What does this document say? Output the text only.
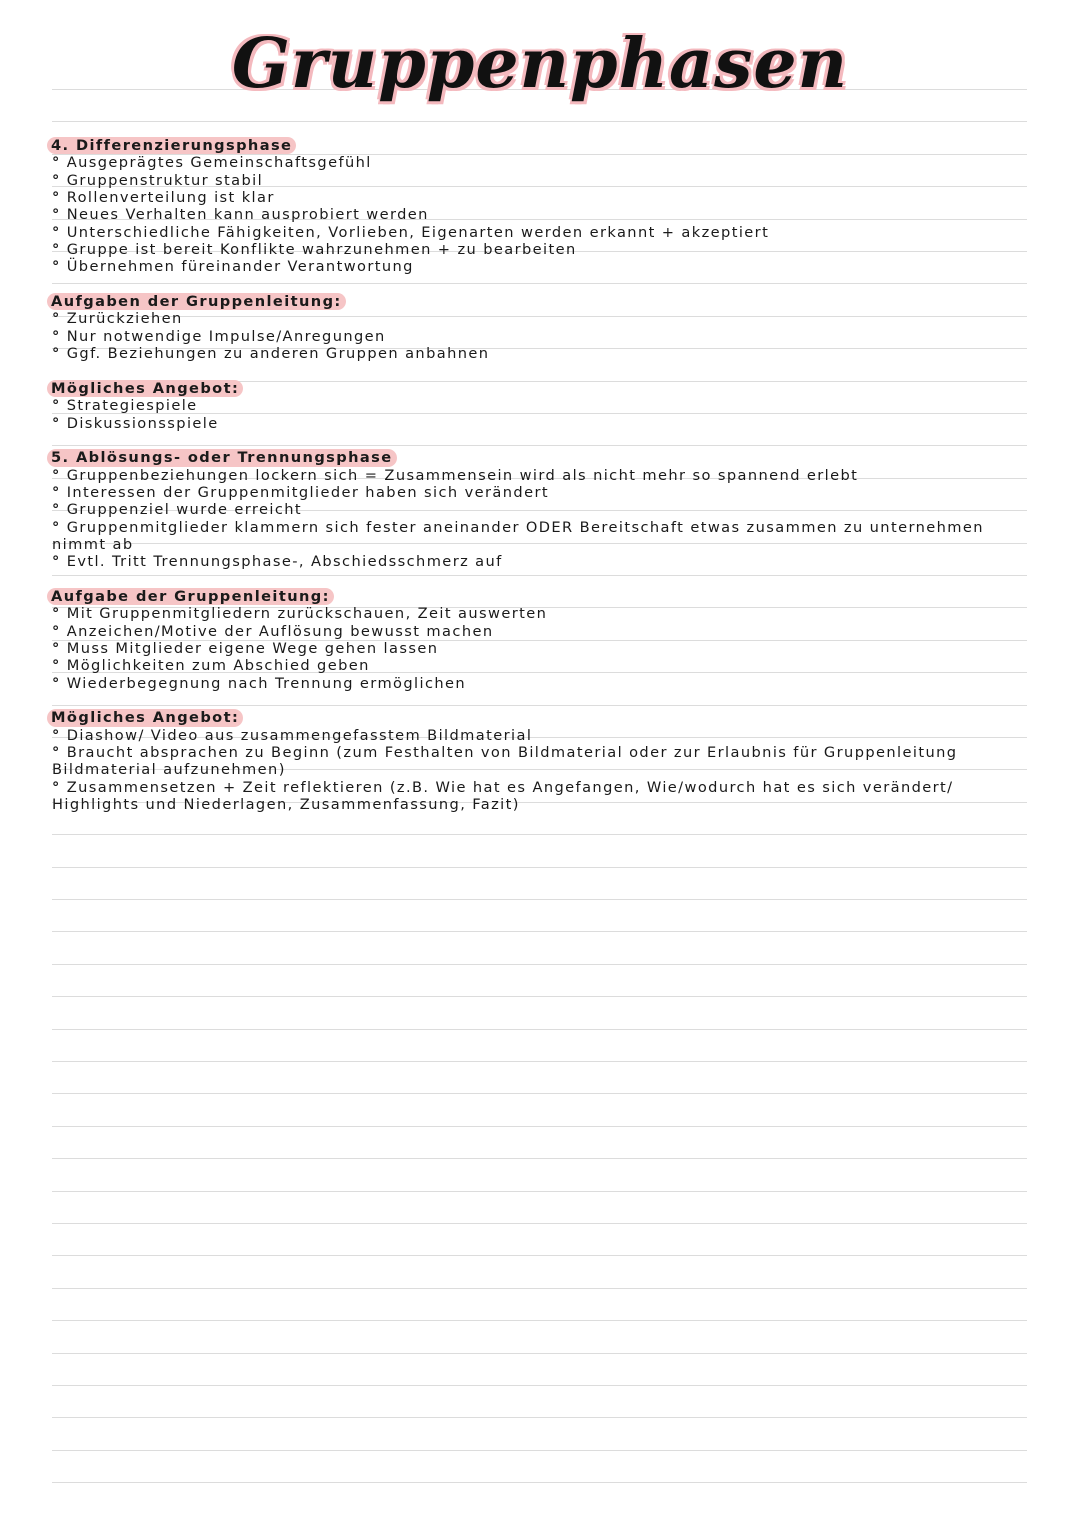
Gruppenphasen
4. Differenzierungsphase
° Ausgeprägtes Gemeinschaftsgefühl
° Gruppenstruktur stabil
° Rollenverteilung ist klar
° Neues Verhalten kann ausprobiert werden
° Unterschiedliche Fähigkeiten, Vorlieben, Eigenarten werden erkannt + akzeptiert
° Gruppe ist bereit Konflikte wahrzunehmen + zu bearbeiten
° Übernehmen füreinander Verantwortung
Aufgaben der Gruppenleitung:
° Zurückziehen
° Nur notwendige Impulse/Anregungen
° Ggf. Beziehungen zu anderen Gruppen anbahnen
Mögliches Angebot:
° Strategiespiele
° Diskussionsspiele
5. Ablösungs- oder Trennungsphase
° Gruppenbeziehungen lockern sich = Zusammensein wird als nicht mehr so spannend erlebt
° Interessen der Gruppenmitglieder haben sich verändert
° Gruppenziel wurde erreicht
° Gruppenmitglieder klammern sich fester aneinander ODER Bereitschaft etwas zusammen zu unternehmen nimmt ab
° Evtl. Tritt Trennungsphase-, Abschiedsschmerz auf
Aufgabe der Gruppenleitung:
° Mit Gruppenmitgliedern zurückschauen, Zeit auswerten
° Anzeichen/Motive der Auflösung bewusst machen
° Muss Mitglieder eigene Wege gehen lassen
° Möglichkeiten zum Abschied geben
° Wiederbegegnung nach Trennung ermöglichen
Mögliches Angebot:
° Diashow/ Video aus zusammengefasstem Bildmaterial
° Braucht absprachen zu Beginn (zum Festhalten von Bildmaterial oder zur Erlaubnis für Gruppenleitung Bildmaterial aufzunehmen)
° Zusammensetzen + Zeit reflektieren (z.B. Wie hat es Angefangen, Wie/wodurch hat es sich verändert/ Highlights und Niederlagen, Zusammenfassung, Fazit)
